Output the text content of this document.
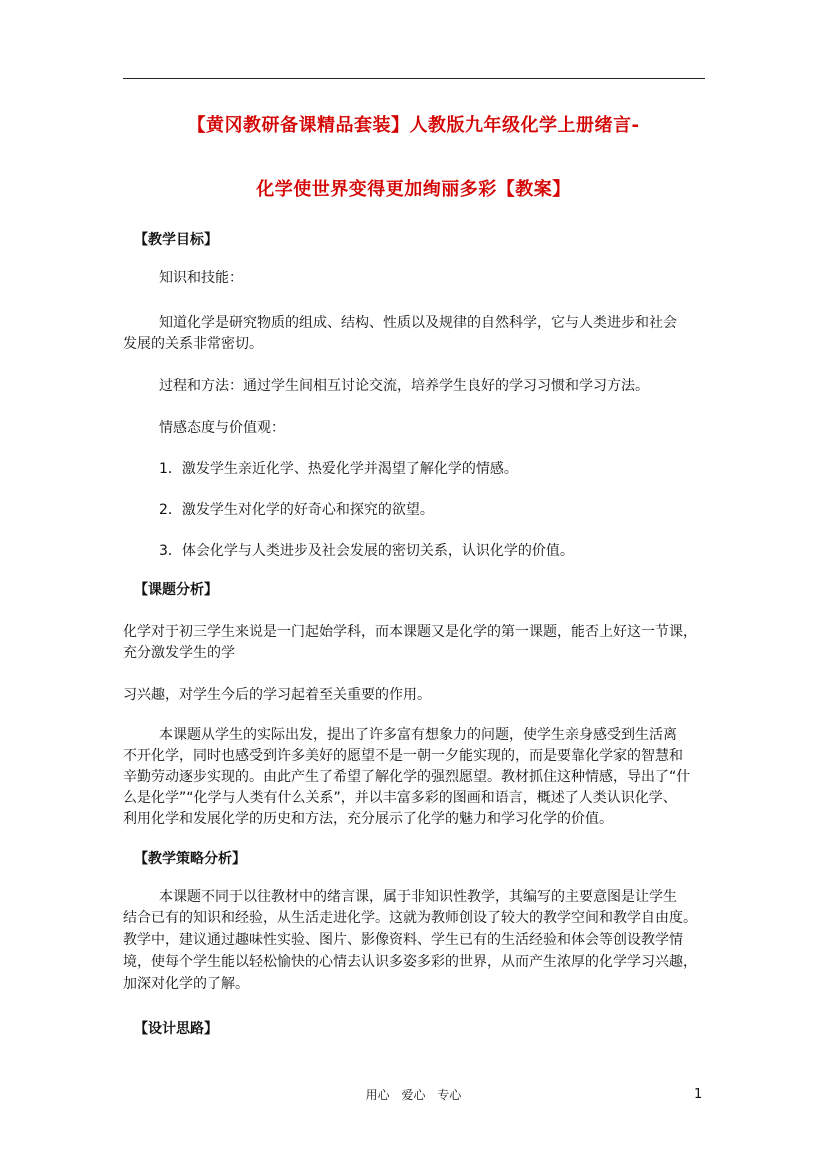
【黄冈教研备课精品套装】人教版九年级化学上册绪言-
化学使世界变得更加绚丽多彩【教案】
【教学目标】
知识和技能：
知道化学是研究物质的组成、结构、性质以及规律的自然科学，它与人类进步和社会
发展的关系非常密切。
过程和方法：通过学生间相互讨论交流，培养学生良好的学习习惯和学习方法。
情感态度与价值观：
1．激发学生亲近化学、热爱化学并渴望了解化学的情感。
2．激发学生对化学的好奇心和探究的欲望。
3．体会化学与人类进步及社会发展的密切关系，认识化学的价值。
【课题分析】
化学对于初三学生来说是一门起始学科，而本课题又是化学的第一课题，能否上好这一节课，
充分激发学生的学
习兴趣，对学生今后的学习起着至关重要的作用。
本课题从学生的实际出发，提出了许多富有想象力的问题，使学生亲身感受到生活离
不开化学，同时也感受到许多美好的愿望不是一朝一夕能实现的，而是要靠化学家的智慧和
辛勤劳动逐步实现的。由此产生了希望了解化学的强烈愿望。教材抓住这种情感，导出了“什
么是化学”“化学与人类有什么关系”，并以丰富多彩的图画和语言，概述了人类认识化学、
利用化学和发展化学的历史和方法，充分展示了化学的魅力和学习化学的价值。
【教学策略分析】
本课题不同于以往教材中的绪言课，属于非知识性教学，其编写的主要意图是让学生
结合已有的知识和经验，从生活走进化学。这就为教师创设了较大的教学空间和教学自由度。
教学中，建议通过趣味性实验、图片、影像资料、学生已有的生活经验和体会等创设教学情
境，使每个学生能以轻松愉快的心情去认识多姿多彩的世界，从而产生浓厚的化学学习兴趣，
加深对化学的了解。
【设计思路】
用心 爱心 专心	1
